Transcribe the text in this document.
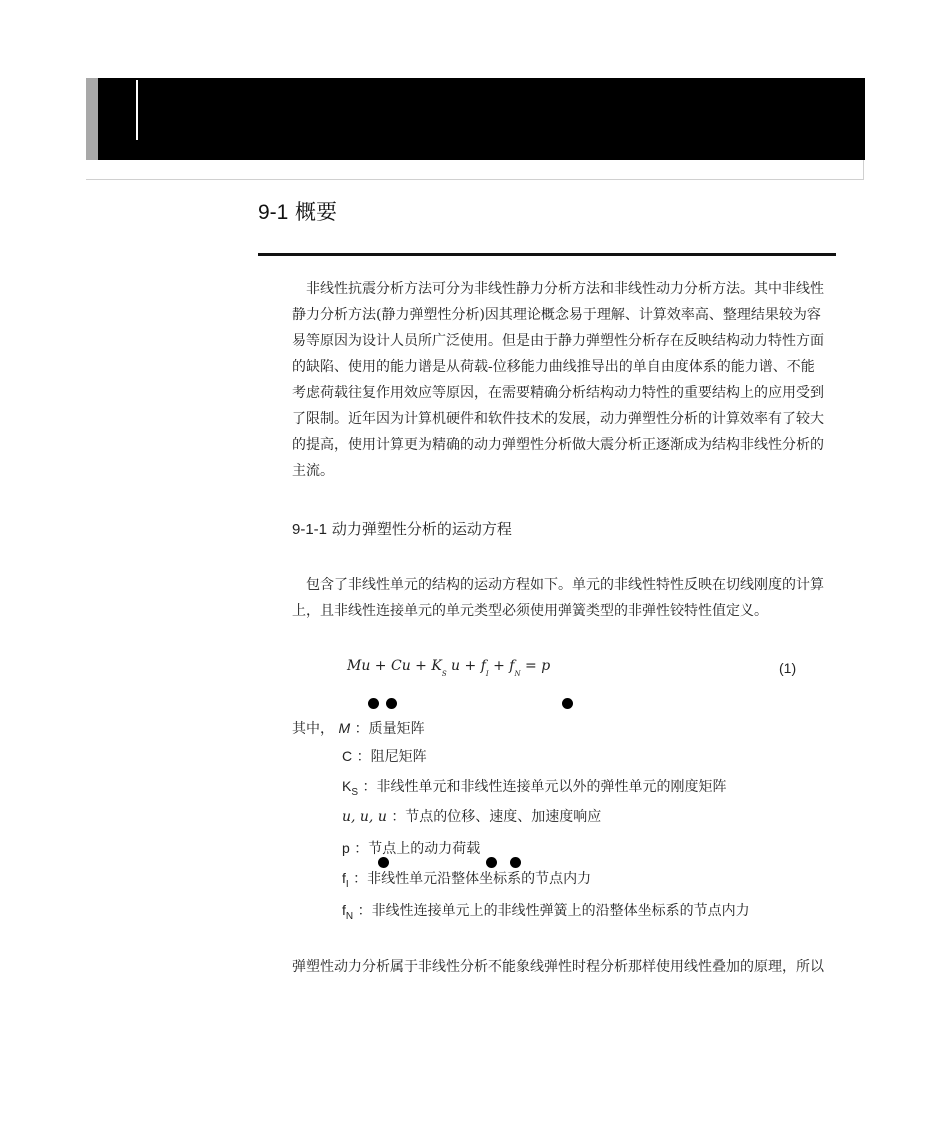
9-1 概要
非线性抗震分析方法可分为非线性静力分析方法和非线性动力分析方法。其中非线性
静力分析方法(静力弹塑性分析)因其理论概念易于理解、计算效率高、整理结果较为容
易等原因为设计人员所广泛使用。但是由于静力弹塑性分析存在反映结构动力特性方面
的缺陷、使用的能力谱是从荷载-位移能力曲线推导出的单自由度体系的能力谱、不能
考虑荷载往复作用效应等原因，在需要精确分析结构动力特性的重要结构上的应用受到
了限制。近年因为计算机硬件和软件技术的发展，动力弹塑性分析的计算效率有了较大
的提高，使用计算更为精确的动力弹塑性分析做大震分析正逐渐成为结构非线性分析的
主流。
9-1-1 动力弹塑性分析的运动方程
包含了非线性单元的结构的运动方程如下。单元的非线性特性反映在切线刚度的计算
上，且非线性连接单元的单元类型必须使用弹簧类型的非弹性铰特性值定义。
$Mu + Cu + K_S$ $u + f_I + f_N = p$	(1)
其中， M ：质量矩阵
C ：阻尼矩阵
$K_S$ ：非线性单元和非线性连接单元以外的弹性单元的刚度矩阵
u, u, u ：节点的位移、速度、加速度响应
p ：节点上的动力荷载
$f_I$ ：非线性单元沿整体坐标系的节点内力
$f_N$ ：非线性连接单元上的非线性弹簧上的沿整体坐标系的节点内力
弹塑性动力分析属于非线性分析不能象线弹性时程分析那样使用线性叠加的原理，所以
